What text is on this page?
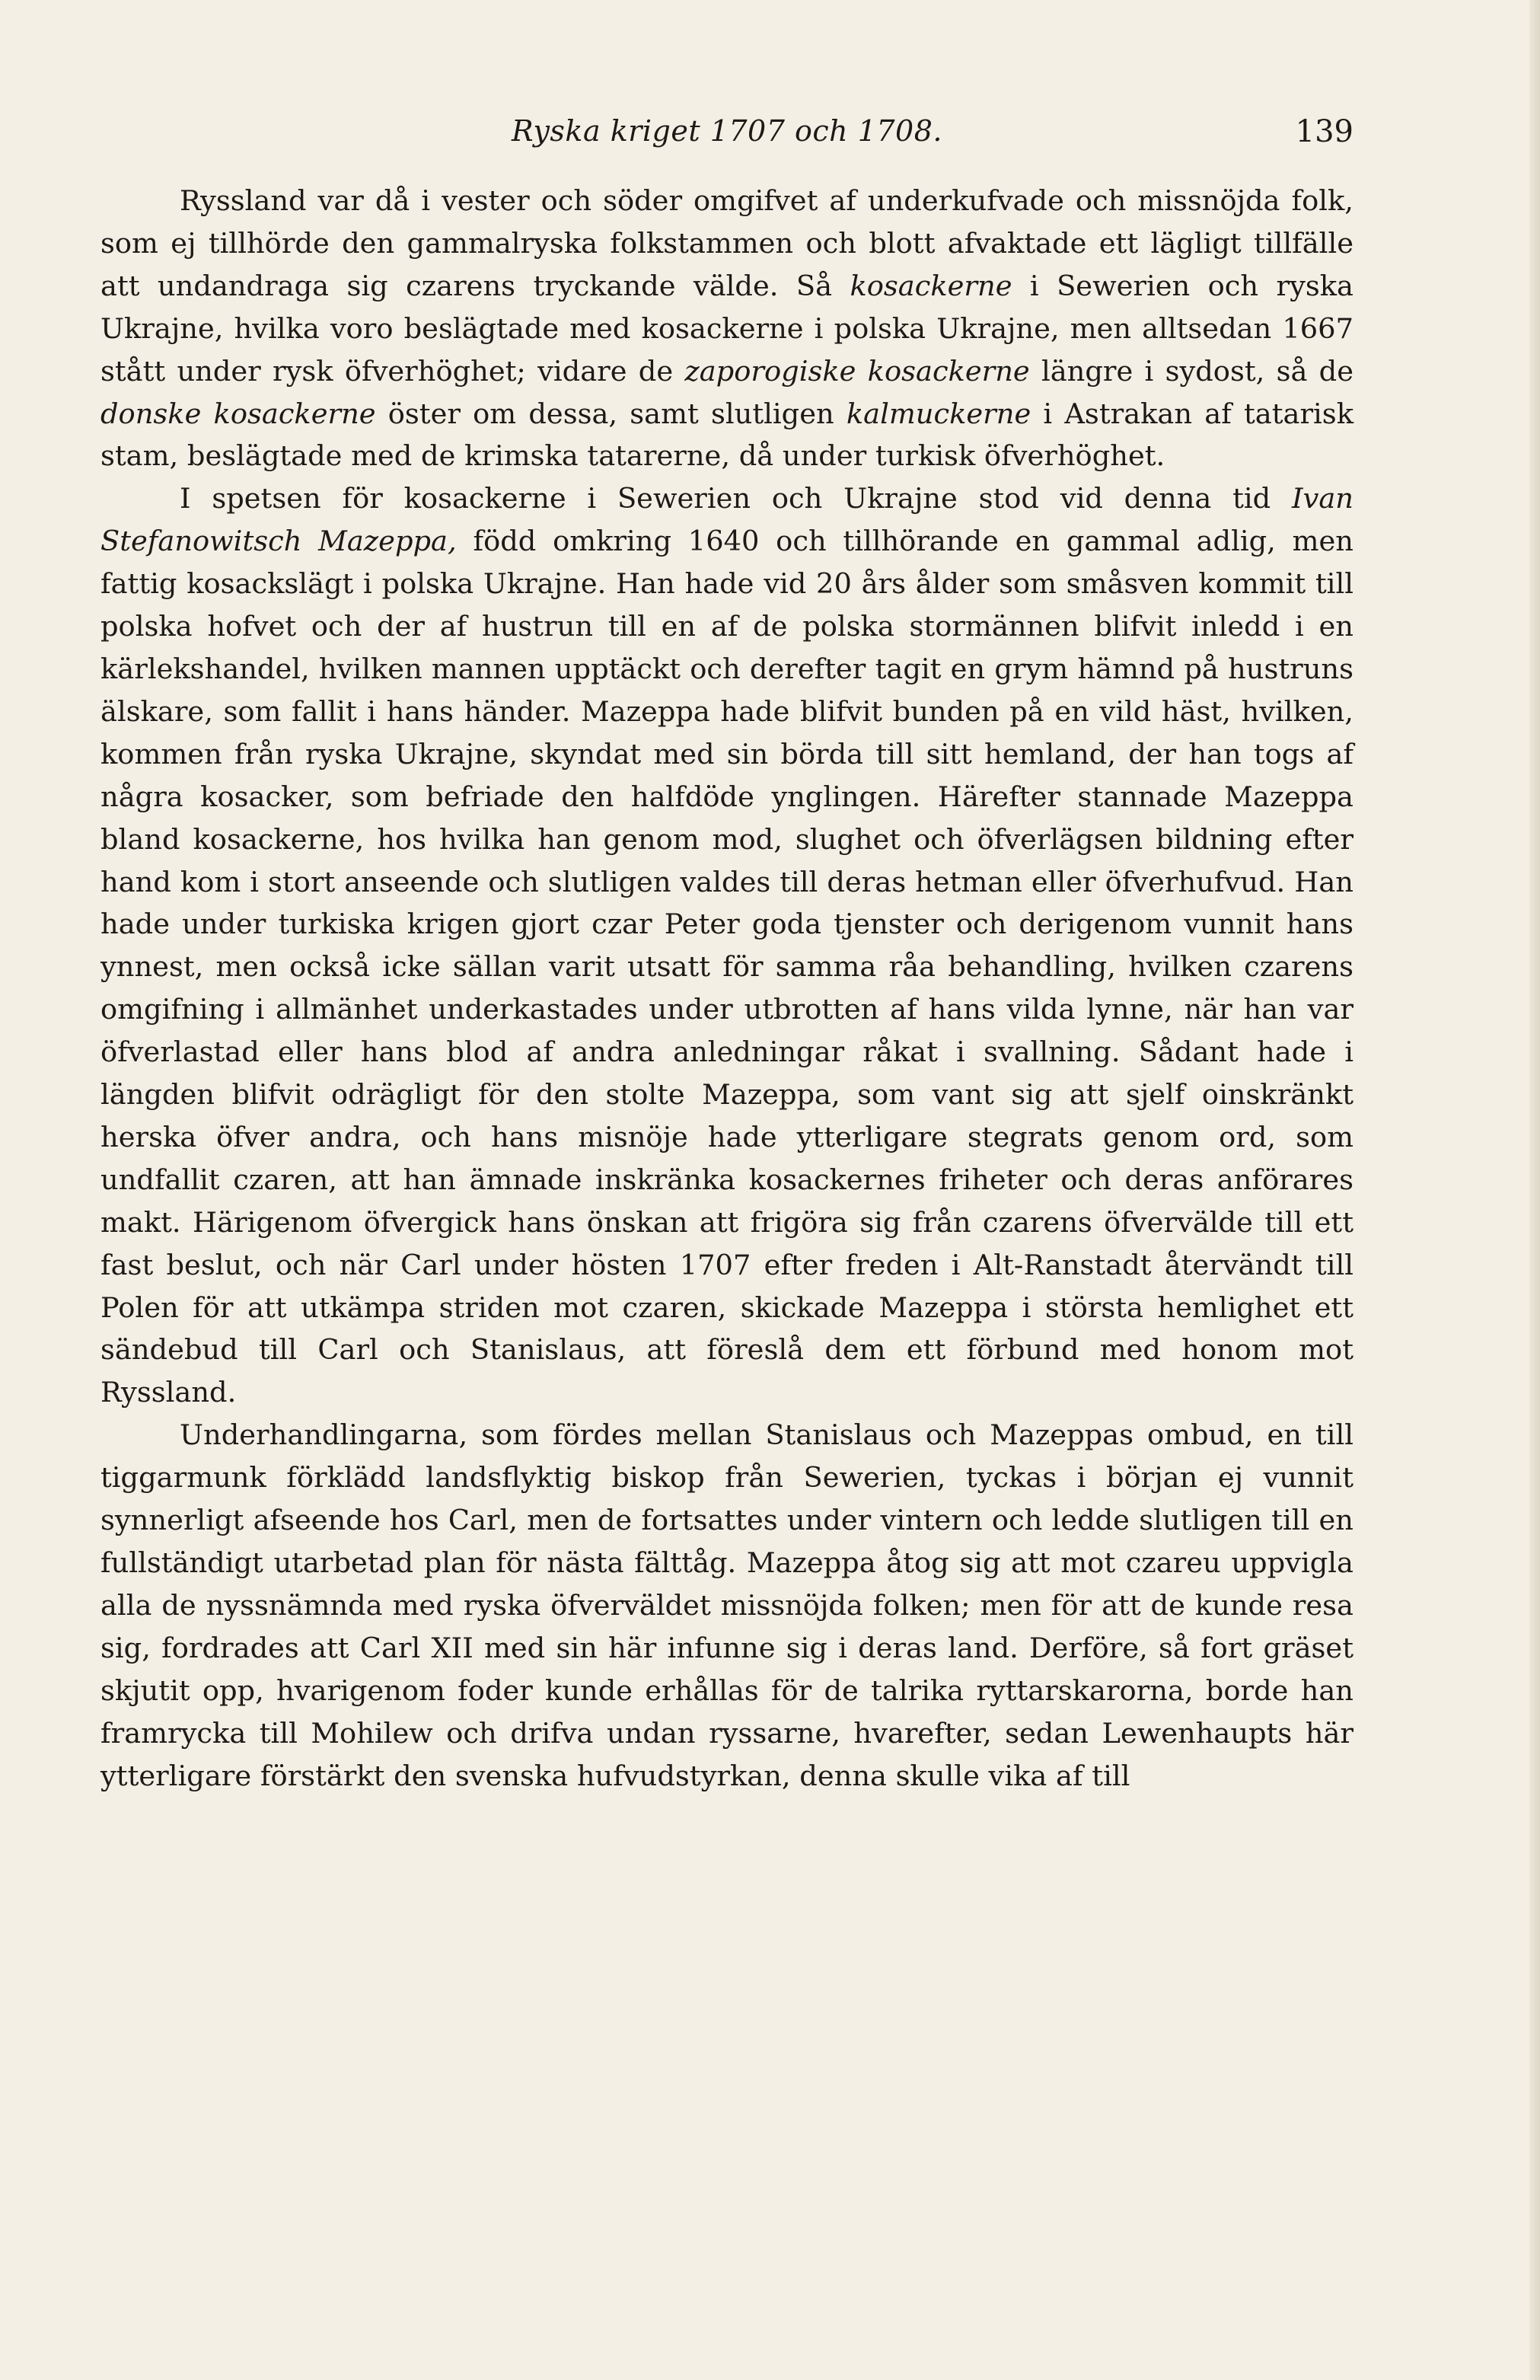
Ryska kriget 1707 och 1708.	139

Ryssland var då i vester och söder omgifvet af underkufvade och missnöjda folk, som ej tillhörde den gammalryska folkstammen och blott afvaktade ett lägligt tillfälle att undandraga sig czarens tryckande välde. Så kosackerne i Sewerien och ryska Ukrajne, hvilka voro beslägtade med kosackerne i polska Ukrajne, men alltsedan 1667 stått under rysk öfverhöghet; vidare de zaporogiske kosackerne längre i sydost, så de donske kosackerne öster om dessa, samt slutligen kalmuckerne i Astrakan af tatarisk stam, beslägtade med de krimska tatarerne, då under turkisk öfverhöghet.

I spetsen för kosackerne i Sewerien och Ukrajne stod vid denna tid Ivan Stefanowitsch Mazeppa, född omkring 1640 och tillhörande en gammal adlig, men fattig kosackslägt i polska Ukrajne. Han hade vid 20 års ålder som småsven kommit till polska hofvet och der af hustrun till en af de polska stormännen blifvit inledd i en kärlekshandel, hvilken mannen upptäckt och derefter tagit en grym hämnd på hustruns älskare, som fallit i hans händer. Mazeppa hade blifvit bunden på en vild häst, hvilken, kommen från ryska Ukrajne, skyndat med sin börda till sitt hemland, der han togs af några kosacker, som befriade den halfdöde ynglingen. Härefter stannade Mazeppa bland kosackerne, hos hvilka han genom mod, slughet och öfverlägsen bildning efter hand kom i stort anseende och slutligen valdes till deras hetman eller öfverhufvud. Han hade under turkiska krigen gjort czar Peter goda tjenster och derigenom vunnit hans ynnest, men också icke sällan varit utsatt för samma råa behandling, hvilken czarens omgifning i allmänhet underkastades under utbrotten af hans vilda lynne, när han var öfverlastad eller hans blod af andra anledningar råkat i svallning. Sådant hade i längden blifvit odrägligt för den stolte Mazeppa, som vant sig att sjelf oinskränkt herska öfver andra, och hans misnöje hade ytterligare stegrats genom ord, som undfallit czaren, att han ämnade inskränka kosackernes friheter och deras anförares makt. Härigenom öfvergick hans önskan att frigöra sig från czarens öfvervälde till ett fast beslut, och när Carl under hösten 1707 efter freden i Alt-Ranstadt återvändt till Polen för att utkämpa striden mot czaren, skickade Mazeppa i största hemlighet ett sändebud till Carl och Stanislaus, att föreslå dem ett förbund med honom mot Ryssland.

Underhandlingarna, som fördes mellan Stanislaus och Mazeppas ombud, en till tiggarmunk förklädd landsflyktig biskop från Sewerien, tyckas i början ej vunnit synnerligt afseende hos Carl, men de fortsattes under vintern och ledde slutligen till en fullständigt utarbetad plan för nästa fälttåg. Mazeppa åtog sig att mot czareu uppvigla alla de nyssnämnda med ryska öfverväldet missnöjda folken; men för att de kunde resa sig, fordrades att Carl XII med sin här infunne sig i deras land. Derföre, så fort gräset skjutit opp, hvarigenom foder kunde erhållas för de talrika ryttarskarorna, borde han framrycka till Mohilew och drifva undan ryssarne, hvarefter, sedan Lewenhaupts här ytterligare förstärkt den svenska hufvudstyrkan, denna skulle vika af till
